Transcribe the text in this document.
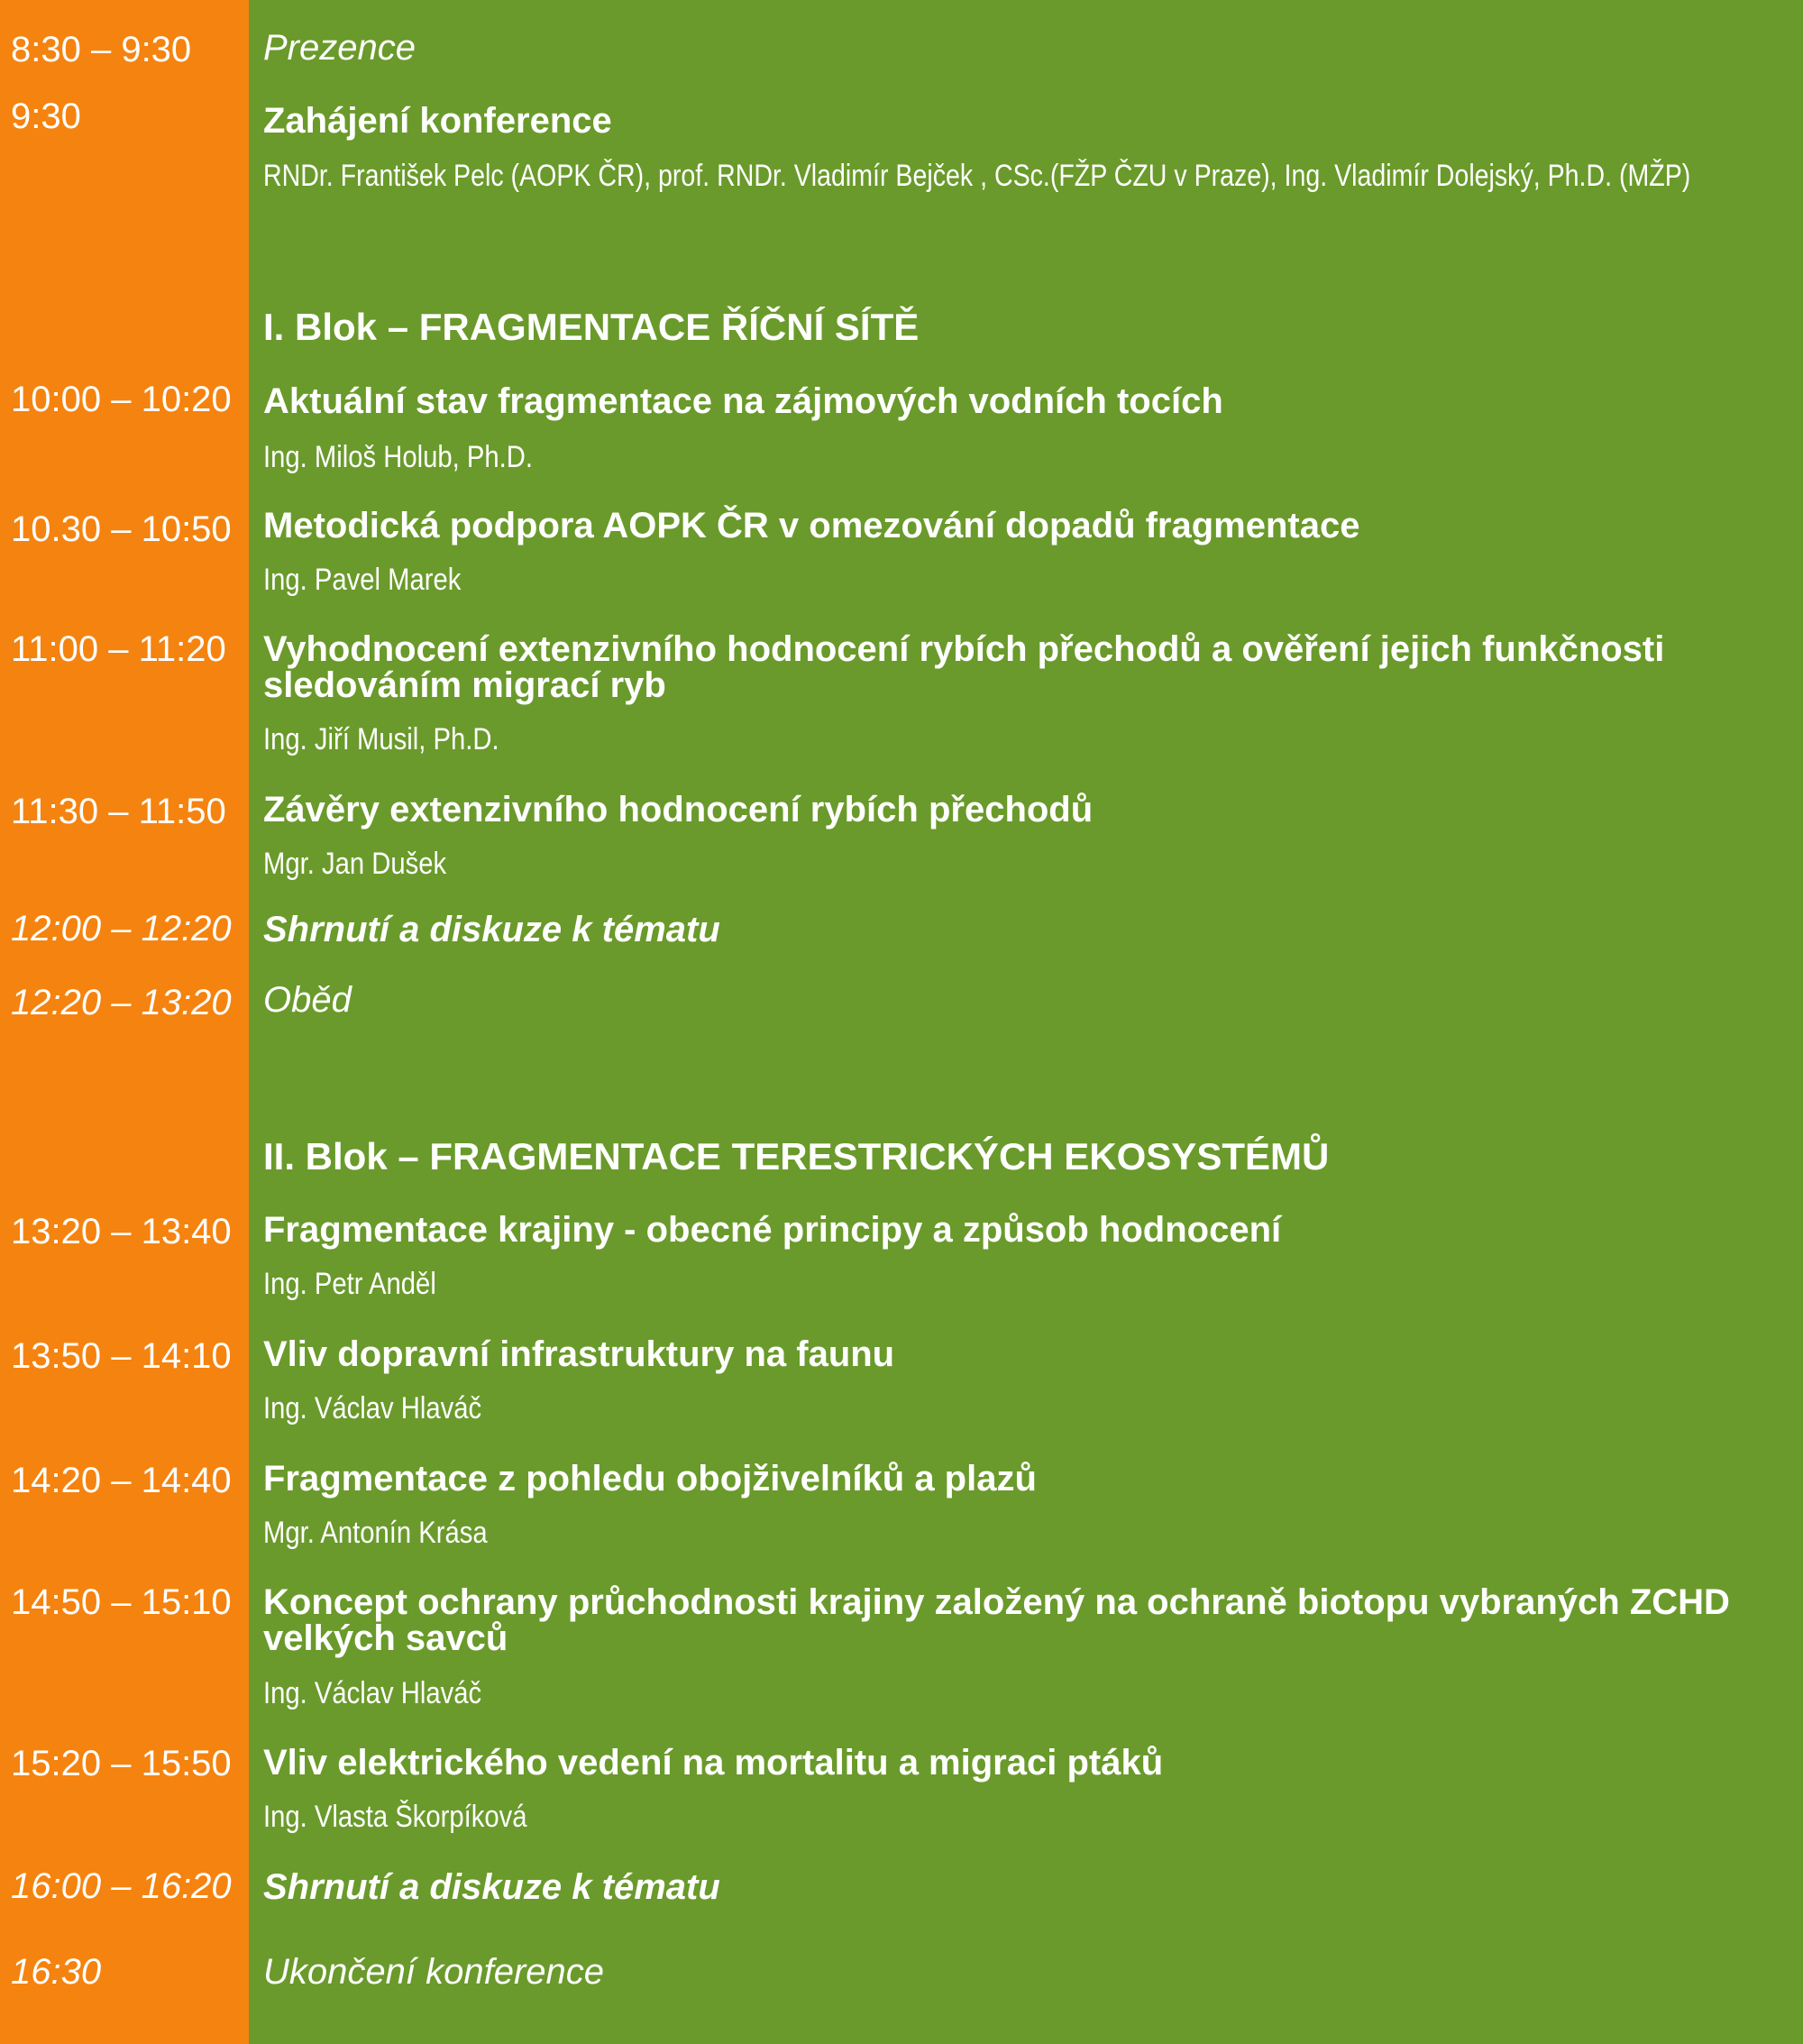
8:30 – 9:30 Prezence
9:30	Zahájení konference
RNDr. František Pelc (AOPK ČR), prof. RNDr. Vladimír Bejček , CSc.(FŽP ČZU v Praze), Ing. Vladimír Dolejský, Ph.D. (MŽP)
I. Blok – FRAGMENTACE ŘÍČNÍ SÍTĚ
10:00 – 10:20 Aktuální stav fragmentace na zájmových vodních tocích
Ing. Miloš Holub, Ph.D.
10.30 – 10:50 Metodická podpora AOPK ČR v omezování dopadů fragmentace
Ing. Pavel Marek
11:00 – 11:20 Vyhodnocení extenzivního hodnocení rybích přechodů a ověření jejich funkčnosti sledováním migrací ryb
Ing. Jiří Musil, Ph.D.
11:30 – 11:50 Závěry extenzivního hodnocení rybích přechodů
Mgr. Jan Dušek
12:00 – 12:20 Shrnutí a diskuze k tématu
12:20 – 13:20 Oběd
II. Blok – FRAGMENTACE TERESTRICKÝCH EKOSYSTÉMŮ
13:20 – 13:40 Fragmentace krajiny - obecné principy a způsob hodnocení
Ing. Petr Anděl
13:50 – 14:10 Vliv dopravní infrastruktury na faunu
Ing. Václav Hlaváč
14:20 – 14:40 Fragmentace z pohledu obojživelníků a plazů
Mgr. Antonín Krása
14:50 – 15:10 Koncept ochrany průchodnosti krajiny založený na ochraně biotopu vybraných ZCHD velkých savců
Ing. Václav Hlaváč
15:20 – 15:50 Vliv elektrického vedení na mortalitu a migraci ptáků
Ing. Vlasta Škorpíková
16:00 – 16:20 Shrnutí a diskuze k tématu
16:30	Ukončení konference
